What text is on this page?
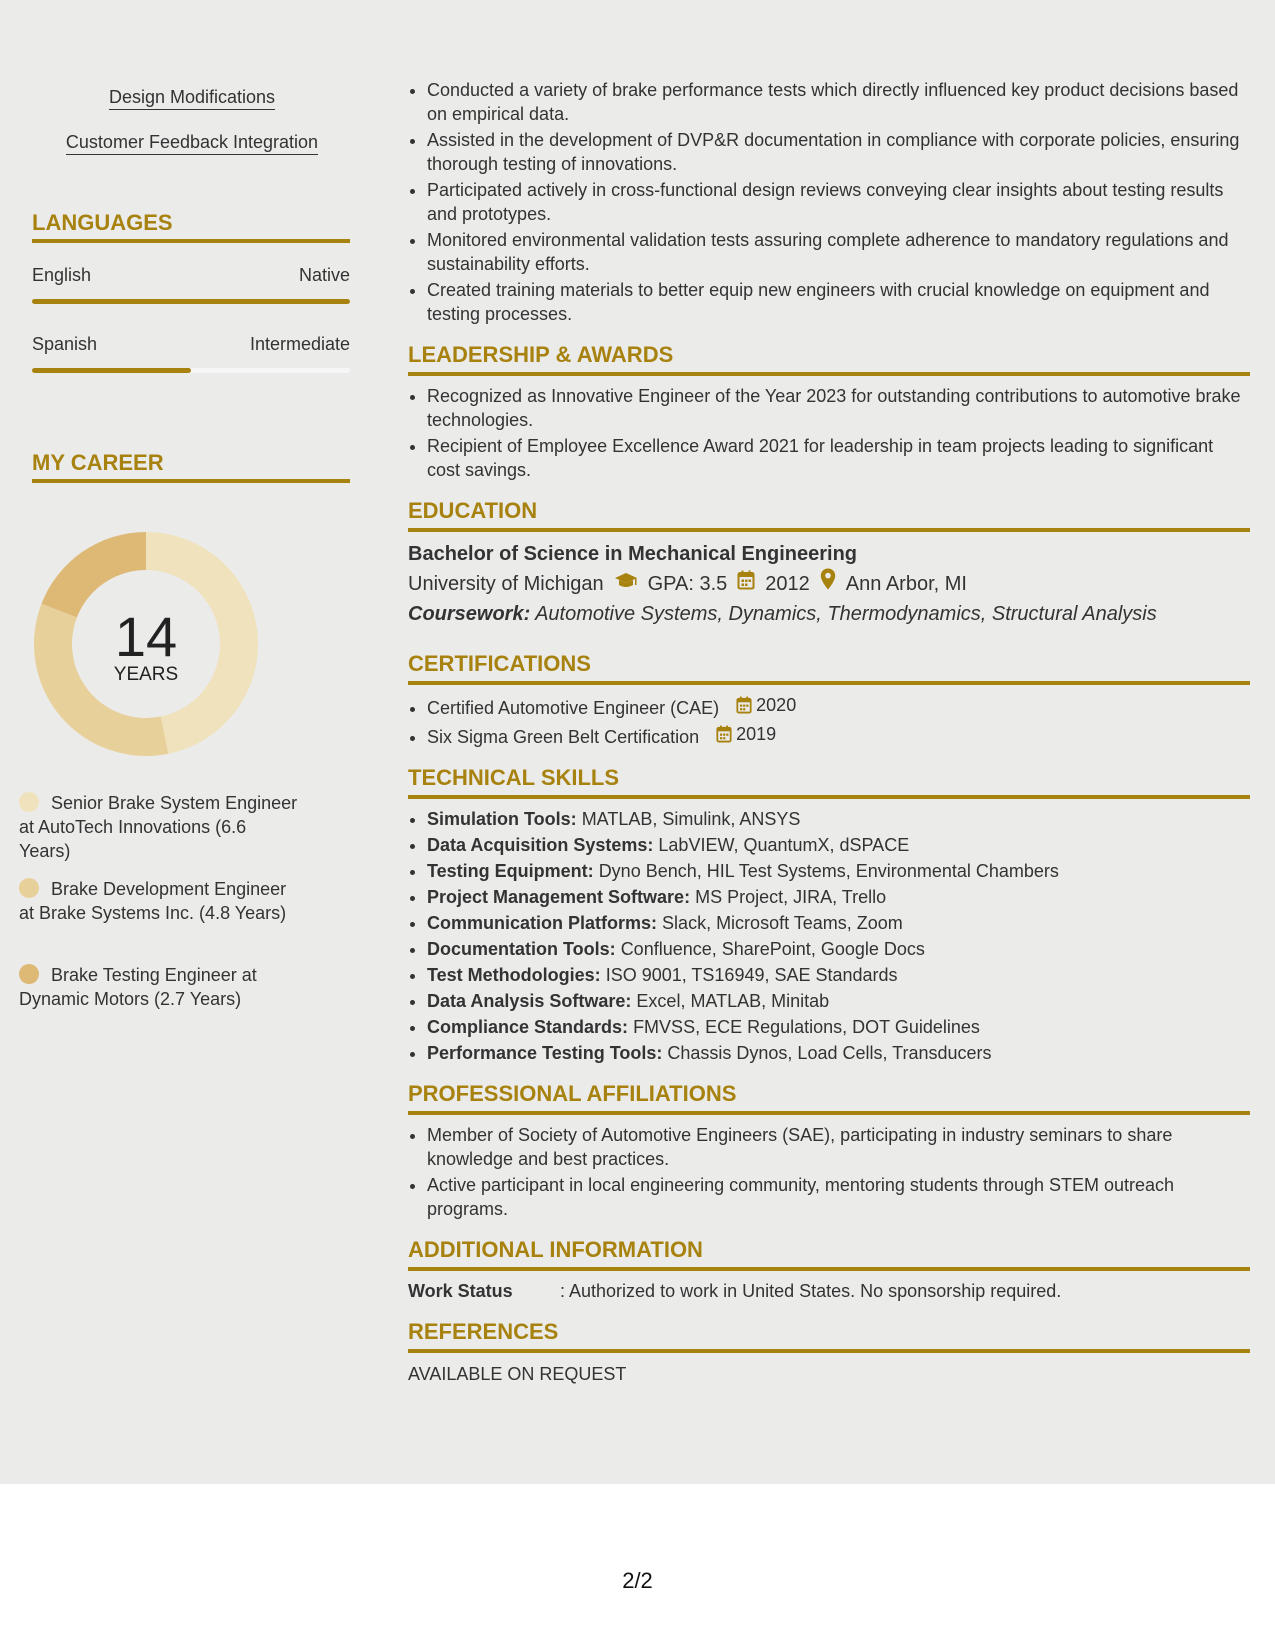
Design Modifications
Customer Feedback Integration
LANGUAGES
English	Native
Spanish	Intermediate
MY CAREER
14
YEARS
Senior Brake System Engineer at AutoTech Innovations (6.6 Years)
Brake Development Engineer at Brake Systems Inc. (4.8 Years)
Brake Testing Engineer at Dynamic Motors (2.7 Years)
• Conducted a variety of brake performance tests which directly influenced key product decisions based on empirical data.
• Assisted in the development of DVP&R documentation in compliance with corporate policies, ensuring thorough testing of innovations.
• Participated actively in cross-functional design reviews conveying clear insights about testing results and prototypes.
• Monitored environmental validation tests assuring complete adherence to mandatory regulations and sustainability efforts.
• Created training materials to better equip new engineers with crucial knowledge on equipment and testing processes.
LEADERSHIP & AWARDS
• Recognized as Innovative Engineer of the Year 2023 for outstanding contributions to automotive brake technologies.
• Recipient of Employee Excellence Award 2021 for leadership in team projects leading to significant cost savings.
EDUCATION
Bachelor of Science in Mechanical Engineering
University of Michigan GPA: 3.5 2012 Ann Arbor, MI
Coursework: Automotive Systems, Dynamics, Thermodynamics, Structural Analysis
CERTIFICATIONS
• Certified Automotive Engineer (CAE) 2020
• Six Sigma Green Belt Certification 2019
TECHNICAL SKILLS
• Simulation Tools: MATLAB, Simulink, ANSYS
• Data Acquisition Systems: LabVIEW, QuantumX, dSPACE
• Testing Equipment: Dyno Bench, HIL Test Systems, Environmental Chambers
• Project Management Software: MS Project, JIRA, Trello
• Communication Platforms: Slack, Microsoft Teams, Zoom
• Documentation Tools: Confluence, SharePoint, Google Docs
• Test Methodologies: ISO 9001, TS16949, SAE Standards
• Data Analysis Software: Excel, MATLAB, Minitab
• Compliance Standards: FMVSS, ECE Regulations, DOT Guidelines
• Performance Testing Tools: Chassis Dynos, Load Cells, Transducers
PROFESSIONAL AFFILIATIONS
• Member of Society of Automotive Engineers (SAE), participating in industry seminars to share knowledge and best practices.
• Active participant in local engineering community, mentoring students through STEM outreach programs.
ADDITIONAL INFORMATION
Work Status	: Authorized to work in United States. No sponsorship required.
REFERENCES
AVAILABLE ON REQUEST
2/2
